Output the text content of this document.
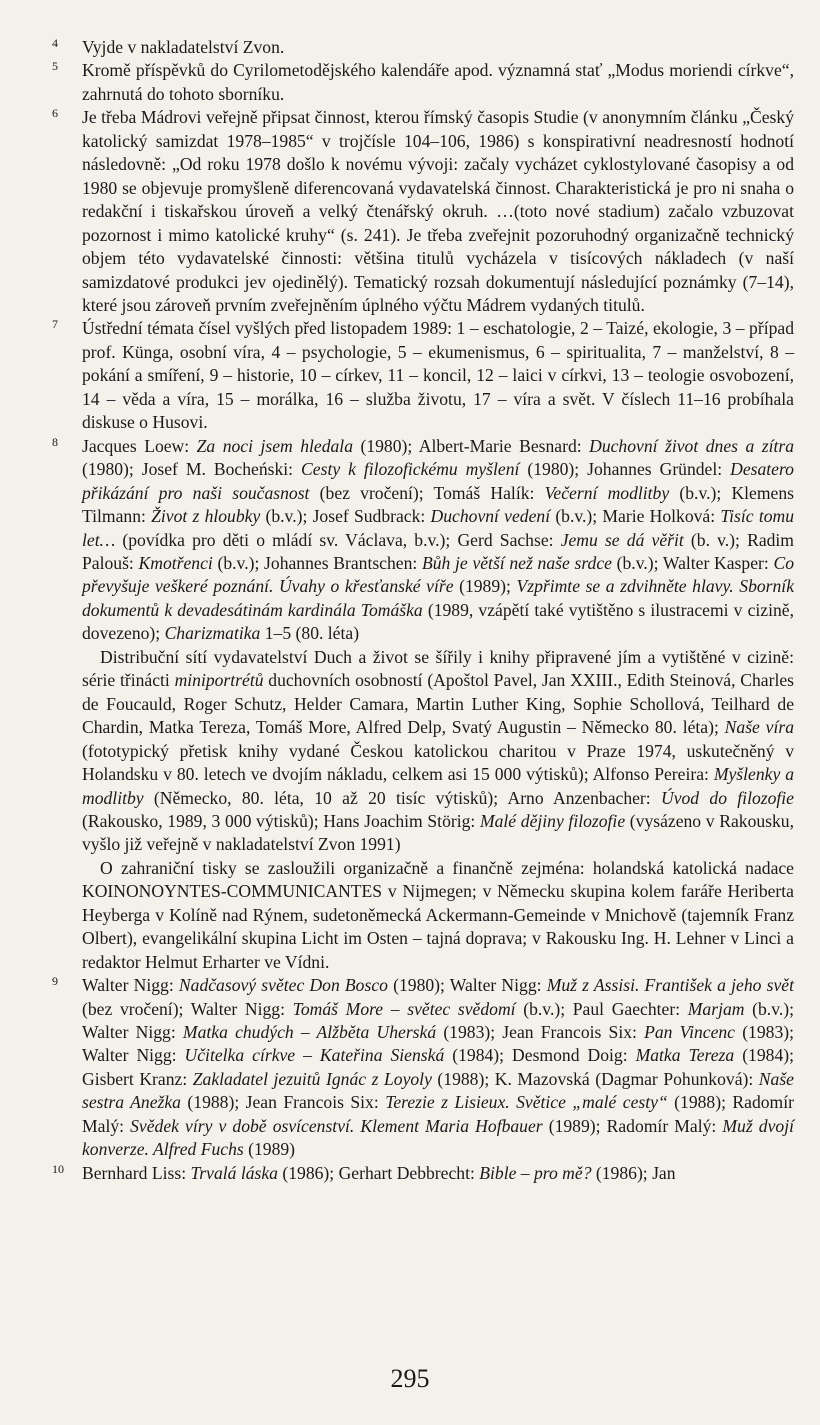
4	Vyjde v nakladatelství Zvon.

5	Kromě příspěvků do Cyrilometodějského kalendáře apod. významná stať „Modus moriendi církve“, zahrnutá do tohoto sborníku.

6	Je třeba Mádrovi veřejně připsat činnost, kterou římský časopis Studie (v anonymním článku „Český katolický samizdat 1978–1985“ v trojčísle 104–106, 1986) s konspirativní neadresností hodnotí následovně: „Od roku 1978 došlo k novému vývoji: začaly vycházet cyklostylované časopisy a od 1980 se objevuje promyšleně diferencovaná vydavatelská činnost. Charakteristická je pro ni snaha o redakční i tiskařskou úroveň a velký čtenářský okruh. …(toto nové stadium) začalo vzbuzovat pozornost i mimo katolické kruhy“ (s. 241). Je třeba zveřejnit pozoruhodný organizačně technický objem této vydavatelské činnosti: většina titulů vycházela v tisícových nákladech (v naší samizdatové produkci jev ojedinělý). Tematický rozsah dokumentují následující poznámky (7–14), které jsou zároveň prvním zveřejněním úplného výčtu Mádrem vydaných titulů.

7	Ústřední témata čísel vyšlých před listopadem 1989: 1 – eschatologie, 2 – Taizé, ekologie, 3 – případ prof. Künga, osobní víra, 4 – psychologie, 5 – ekumenismus, 6 – spiritualita, 7 – manželství, 8 – pokání a smíření, 9 – historie, 10 – církev, 11 – koncil, 12 – laici v církvi, 13 – teologie osvobození, 14 – věda a víra, 15 – morálka, 16 – služba životu, 17 – víra a svět. V číslech 11–16 probíhala diskuse o Husovi.

8	Jacques Loew: Za noci jsem hledala (1980); Albert-Marie Besnard: Duchovní život dnes a zítra (1980); Josef M. Bocheński: Cesty k filozofickému myšlení (1980); Johannes Gründel: Desatero přikázání pro naši současnost (bez vročení); Tomáš Halík: Večerní modlitby (b.v.); Klemens Tilmann: Život z hloubky (b.v.); Josef Sudbrack: Duchovní vedení (b.v.); Marie Holková: Tisíc tomu let… (povídka pro děti o mládí sv. Václava, b.v.); Gerd Sachse: Jemu se dá věřit (b. v.); Radim Palouš: Kmotřenci (b.v.); Johannes Brantschen: Bůh je větší než naše srdce (b.v.); Walter Kasper: Co převyšuje veškeré poznání. Úvahy o křesťanské víře (1989); Vzpřimte se a zdvihněte hlavy. Sborník dokumentů k devadesátinám kardinála Tomáška (1989, vzápětí také vytištěno s ilustracemi v cizině, dovezeno); Charizmatika 1–5 (80. léta)

Distribuční sítí vydavatelství Duch a život se šířily i knihy připravené jím a vytištěné v cizině: série třinácti miniportrétů duchovních osobností (Apoštol Pavel, Jan XXIII., Edith Steinová, Charles de Foucauld, Roger Schutz, Helder Camara, Martin Luther King, Sophie Schollová, Teilhard de Chardin, Matka Tereza, Tomáš More, Alfred Delp, Svatý Augustin – Německo 80. léta); Naše víra (fototypický přetisk knihy vydané Českou katolickou charitou v Praze 1974, uskutečněný v Holandsku v 80. letech ve dvojím nákladu, celkem asi 15 000 výtisků); Alfonso Pereira: Myšlenky a modlitby (Německo, 80. léta, 10 až 20 tisíc výtisků); Arno Anzenbacher: Úvod do filozofie (Rakousko, 1989, 3 000 výtisků); Hans Joachim Störig: Malé dějiny filozofie (vysázeno v Rakousku, vyšlo již veřejně v nakladatelství Zvon 1991)

O zahraniční tisky se zasloužili organizačně a finančně zejména: holandská katolická nadace KOINONOYNTES-COMMUNICANTES v Nijmegen; v Německu skupina kolem faráře Heriberta Heyberga v Kolíně nad Rýnem, sudetoněmecká Ackermann-Gemeinde v Mnichově (tajemník Franz Olbert), evangelikální skupina Licht im Osten – tajná doprava; v Rakousku Ing. H. Lehner v Linci a redaktor Helmut Erharter ve Vídni.

9	Walter Nigg: Nadčasový světec Don Bosco (1980); Walter Nigg: Muž z Assisi. František a jeho svět (bez vročení); Walter Nigg: Tomáš More – světec svědomí (b.v.); Paul Gaechter: Marjam (b.v.); Walter Nigg: Matka chudých – Alžběta Uherská (1983); Jean Francois Six: Pan Vincenc (1983); Walter Nigg: Učitelka církve – Kateřina Sienská (1984); Desmond Doig: Matka Tereza (1984); Gisbert Kranz: Zakladatel jezuitů Ignác z Loyoly (1988); K. Mazovská (Dagmar Pohunková): Naše sestra Anežka (1988); Jean Francois Six: Terezie z Lisieux. Světice „malé cesty“ (1988); Radomír Malý: Svědek víry v době osvícenství. Klement Maria Hofbauer (1989); Radomír Malý: Muž dvojí konverze. Alfred Fuchs (1989)

10	Bernhard Liss: Trvalá láska (1986); Gerhart Debbrecht: Bible – pro mě? (1986); Jan

295
